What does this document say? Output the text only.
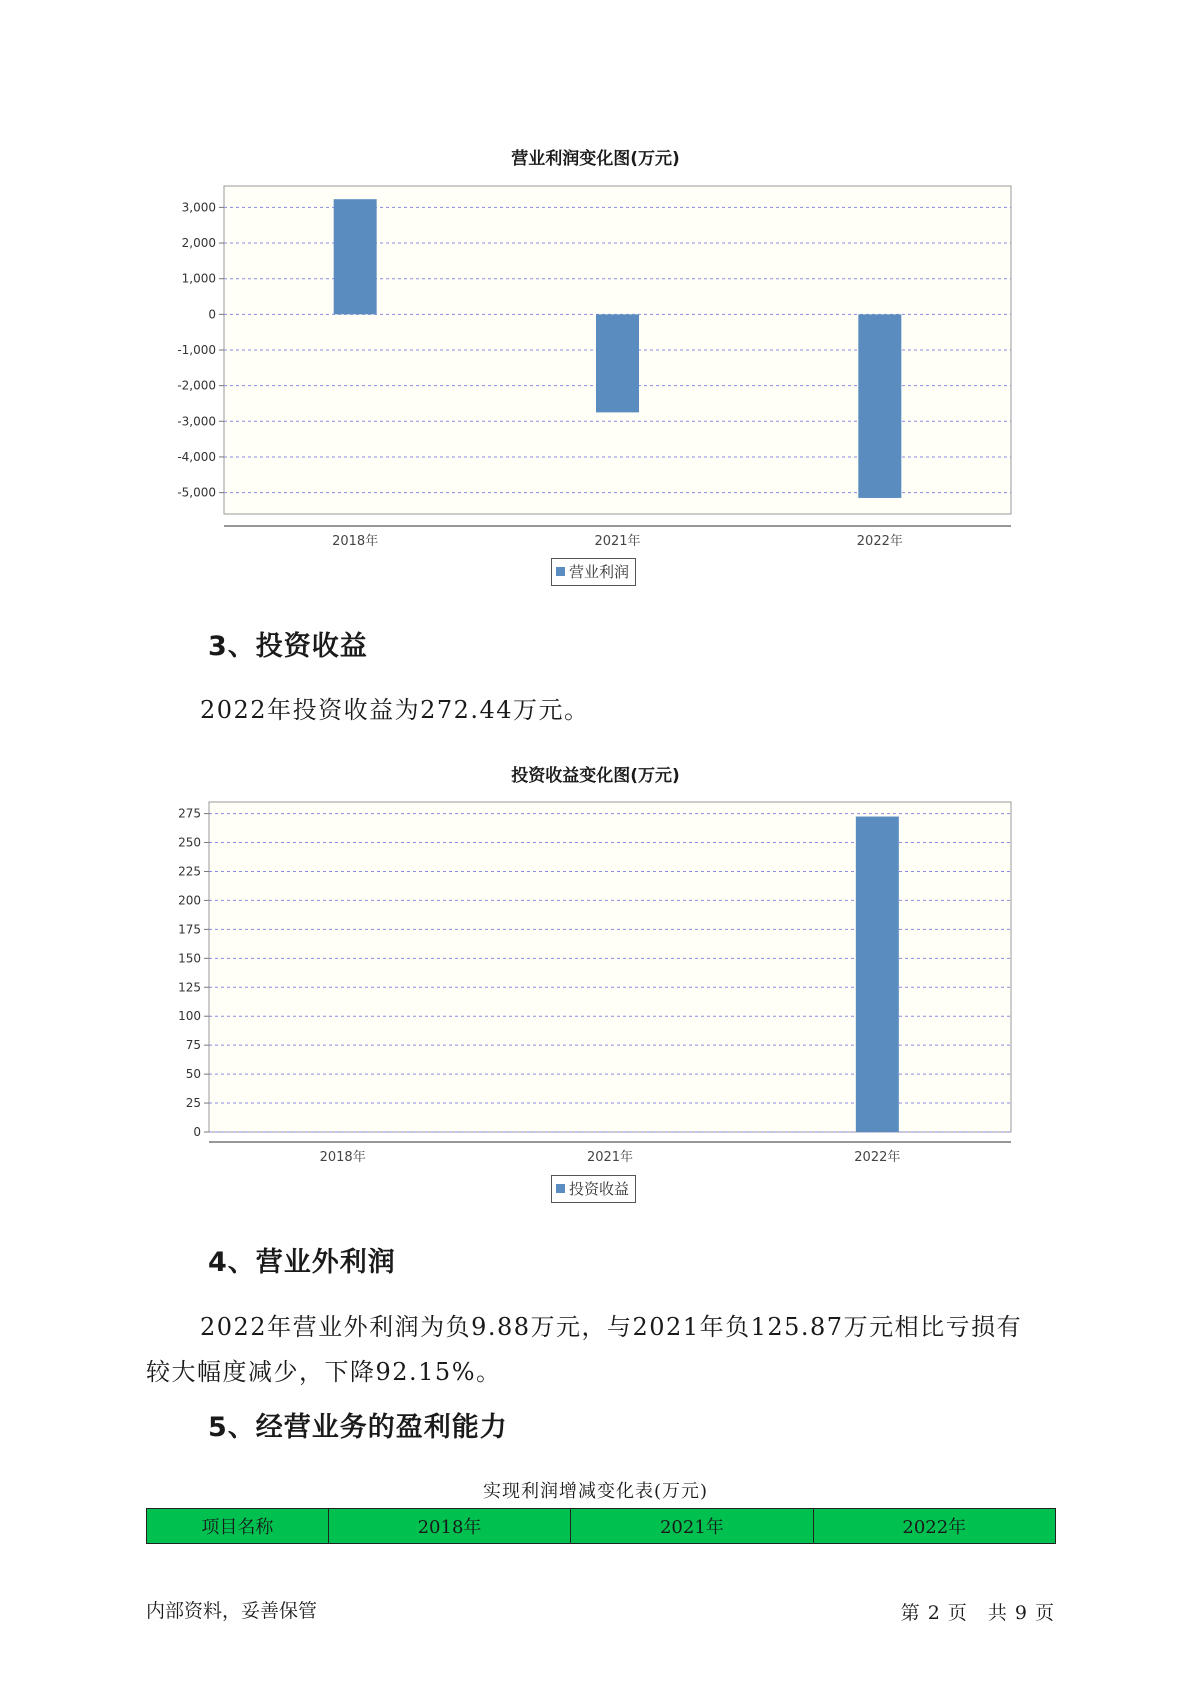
营业利润变化图(万元)
3,000
2,000
1,000
0
-1,000
-2,000
-3,000
-4,000
-5,000
2018年	2021年	2022年
营业利润
3、投资收益
2022年投资收益为272.44万元。
投资收益变化图(万元)
275
250
225
200
175
150
125
100
75
50
25
0
2018年	2021年	2022年
投资收益
4、营业外利润
2022年营业外利润为负9.88万元，与2021年负125.87万元相比亏损有
较大幅度减少，下降92.15%。
5、经营业务的盈利能力
实现利润增减变化表(万元)
项目名称	2018年	2021年	2022年
内部资料，妥善保管	第 2 页　共 9 页
